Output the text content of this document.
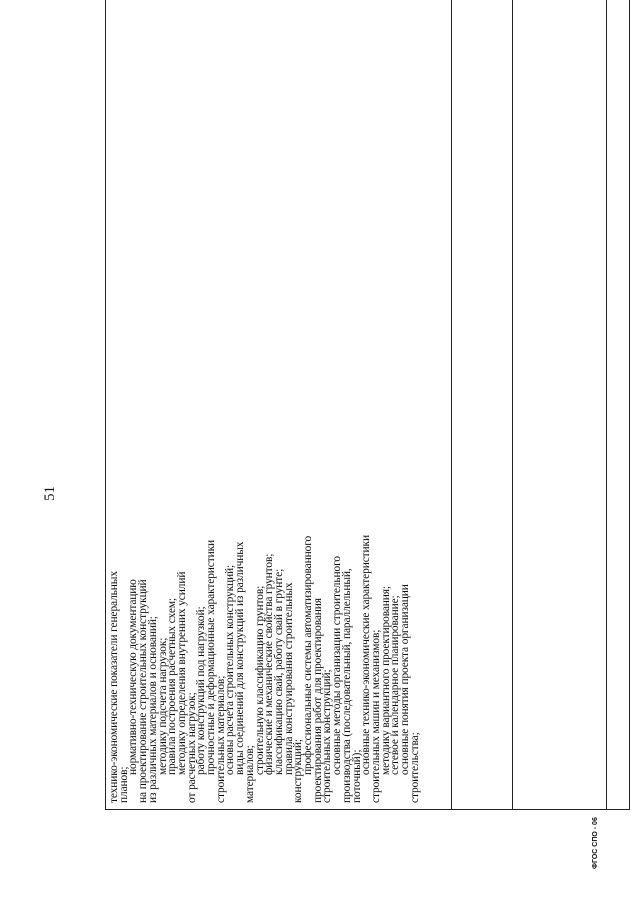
51
ФГОС СПО - 06
технико-экономические показатели генеральных
планов;
нормативно-техническую документацию
на проектирование строительных конструкций
из различных материалов и оснований;
методику подсчета нагрузок;
правила построения расчетных схем;
методику определения внутренних усилий
от расчетных нагрузок;
работу конструкций под нагрузкой;
прочностные и деформационные характеристики
строительных материалов;
основы расчета строительных конструкций;
виды соединений для конструкций из различных
материалов;
строительную классификацию грунтов;
физические и механические свойства грунтов;
классификацию свай, работу свай в грунте;
правила конструирования строительных
конструкций;
профессиональные системы автоматизированного
проектирования работ для проектирования
строительных конструкций;
основные методы организации строительного
производства (последовательный, параллельный,
поточный);
основные технико-экономические характеристики
строительных машин и механизмов;
методику вариантного проектирования;
сетевое и календарное планирование;
основные понятия проекта организации
строительства;
